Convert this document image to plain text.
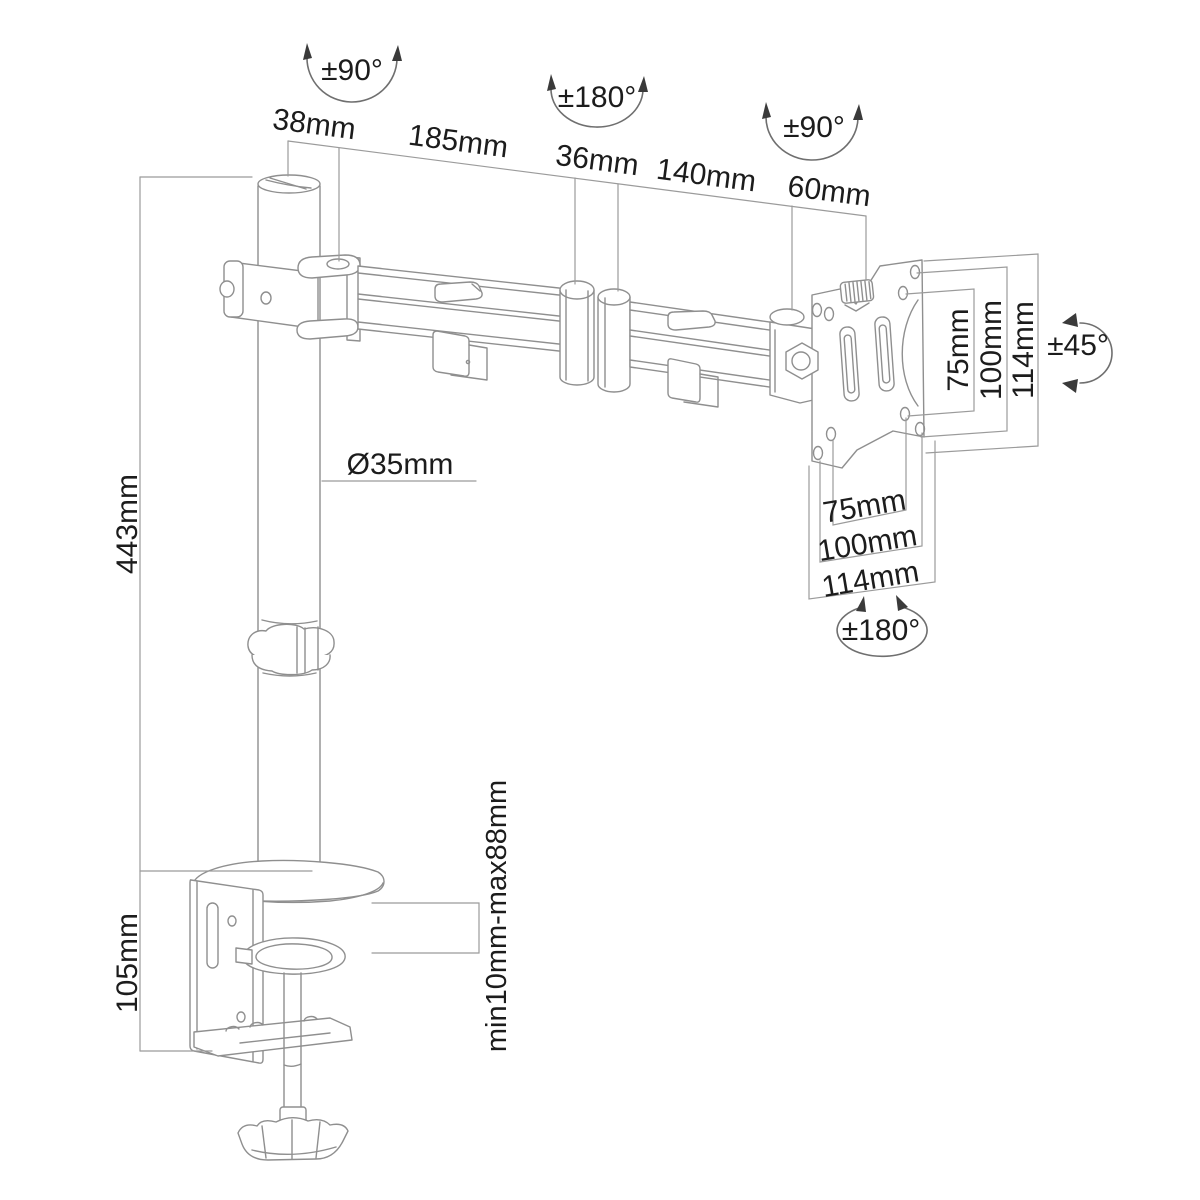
±90°
±180°
±90°
±45°
±180°
38mm 185mm 36mm 140mm 60mm
Ø35mm
443mm
105mm	min10mm-max88mm
75mm 100mm 114mm
75mm
100mm
114mm
